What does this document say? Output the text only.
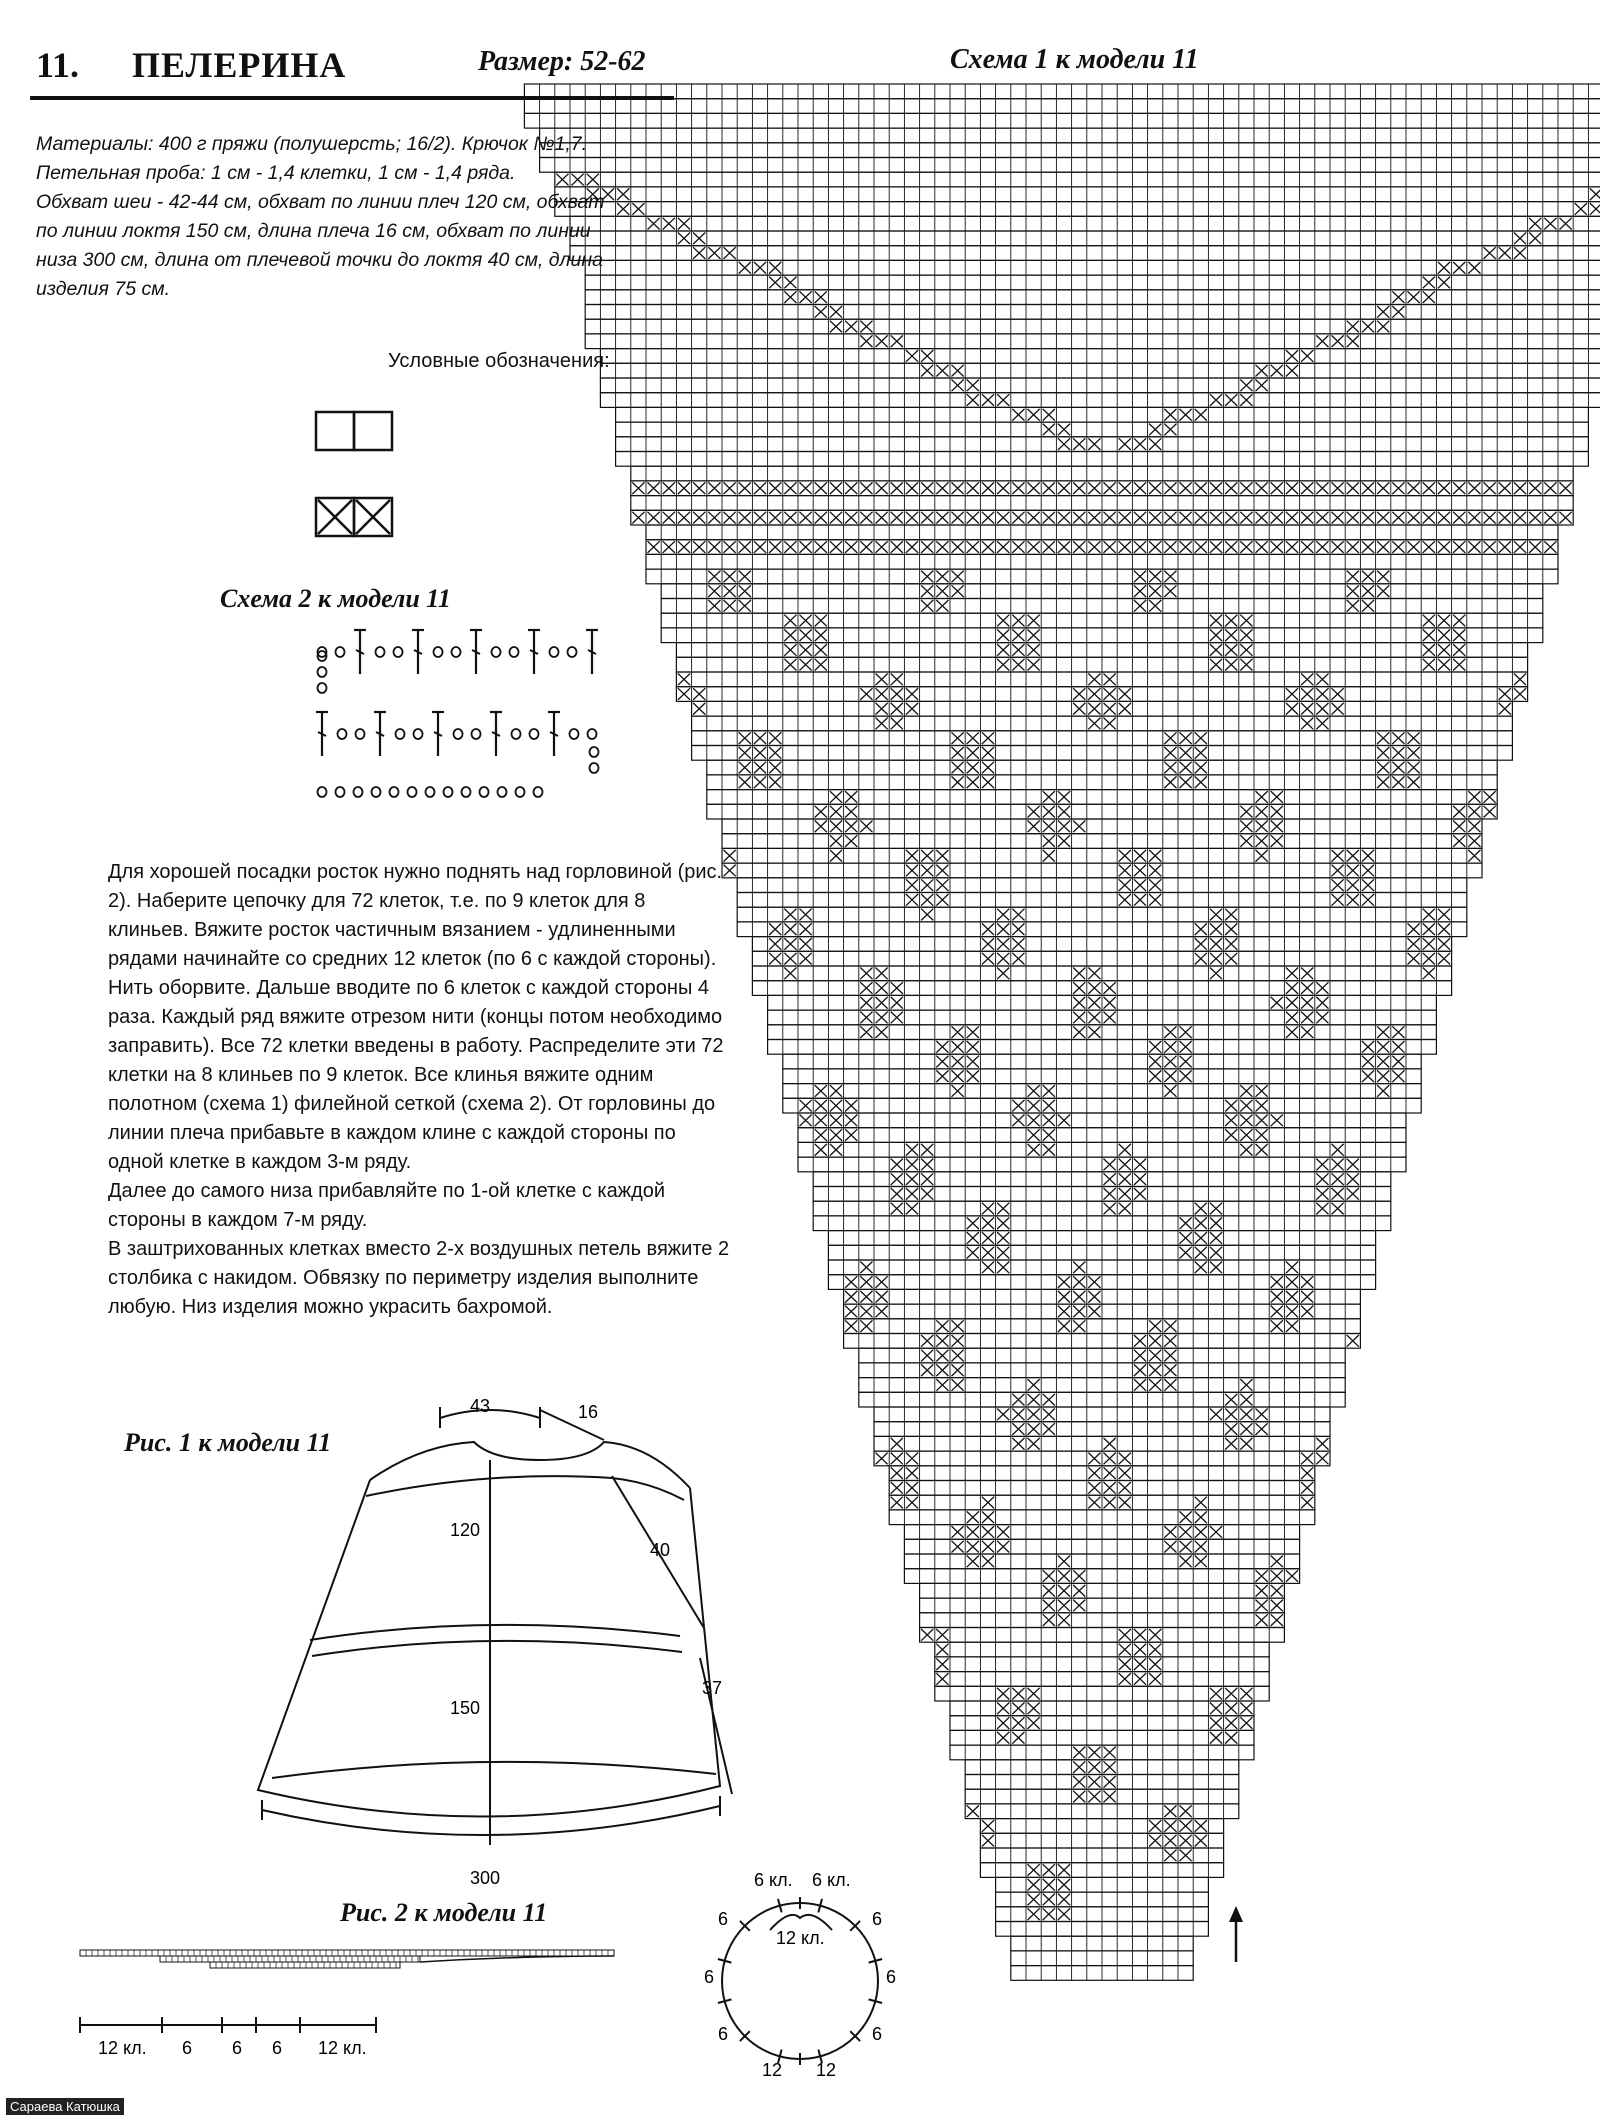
11. ПЕЛЕРИНА	Размер: 52-62
Материалы: 400 г пряжи (полушерсть; 16/2). Крючок №1,7.
Петельная проба: 1 см - 1,4 клетки, 1 см - 1,4 ряда.
Обхват шеи - 42-44 см, обхват по линии плеч 120 см, обхват
по линии локтя 150 см, длина плеча 16 см, обхват по линии
низа 300 см, длина от плечевой точки до локтя 40 см, длина
изделия 75 см.
Условные обозначения:
Схема 2 к модели 11
Для хорошей посадки росток нужно поднять над горловиной (рис.
2). Наберите цепочку для 72 клеток, т.е. по 9 клеток для 8
клиньев. Вяжите росток частичным вязанием - удлиненными
рядами начинайте со средних 12 клеток (по 6 с каждой стороны).
Нить оборвите. Дальше вводите по 6 клеток с каждой стороны 4
раза. Каждый ряд вяжите отрезом нити (концы потом необходимо
заправить). Все 72 клетки введены в работу. Распределите эти 72
клетки на 8 клиньев по 9 клеток. Все клинья вяжите одним
полотном (схема 1) филейной сеткой (схема 2). От горловины до
линии плеча прибавьте в каждом клине с каждой стороны по
одной клетке в каждом 3-м ряду.
Далее до самого низа прибавляйте по 1-ой клетке с каждой
стороны в каждом 7-м ряду.
В заштрихованных клетках вместо 2-х воздушных петель вяжите 2
столбика с накидом. Обвязку по периметру изделия выполните
любую. Низ изделия можно украсить бахромой.
Схема 1 к модели 11
Рис. 1 к модели 11
43	16
120
40
150
37
300
Рис. 2 к модели 11
12 кл. 6 6 6 12 кл.
6 кл. 6 кл.
12 кл.
6
6
6
6
6
6
12 12
Сараева Катюшка
